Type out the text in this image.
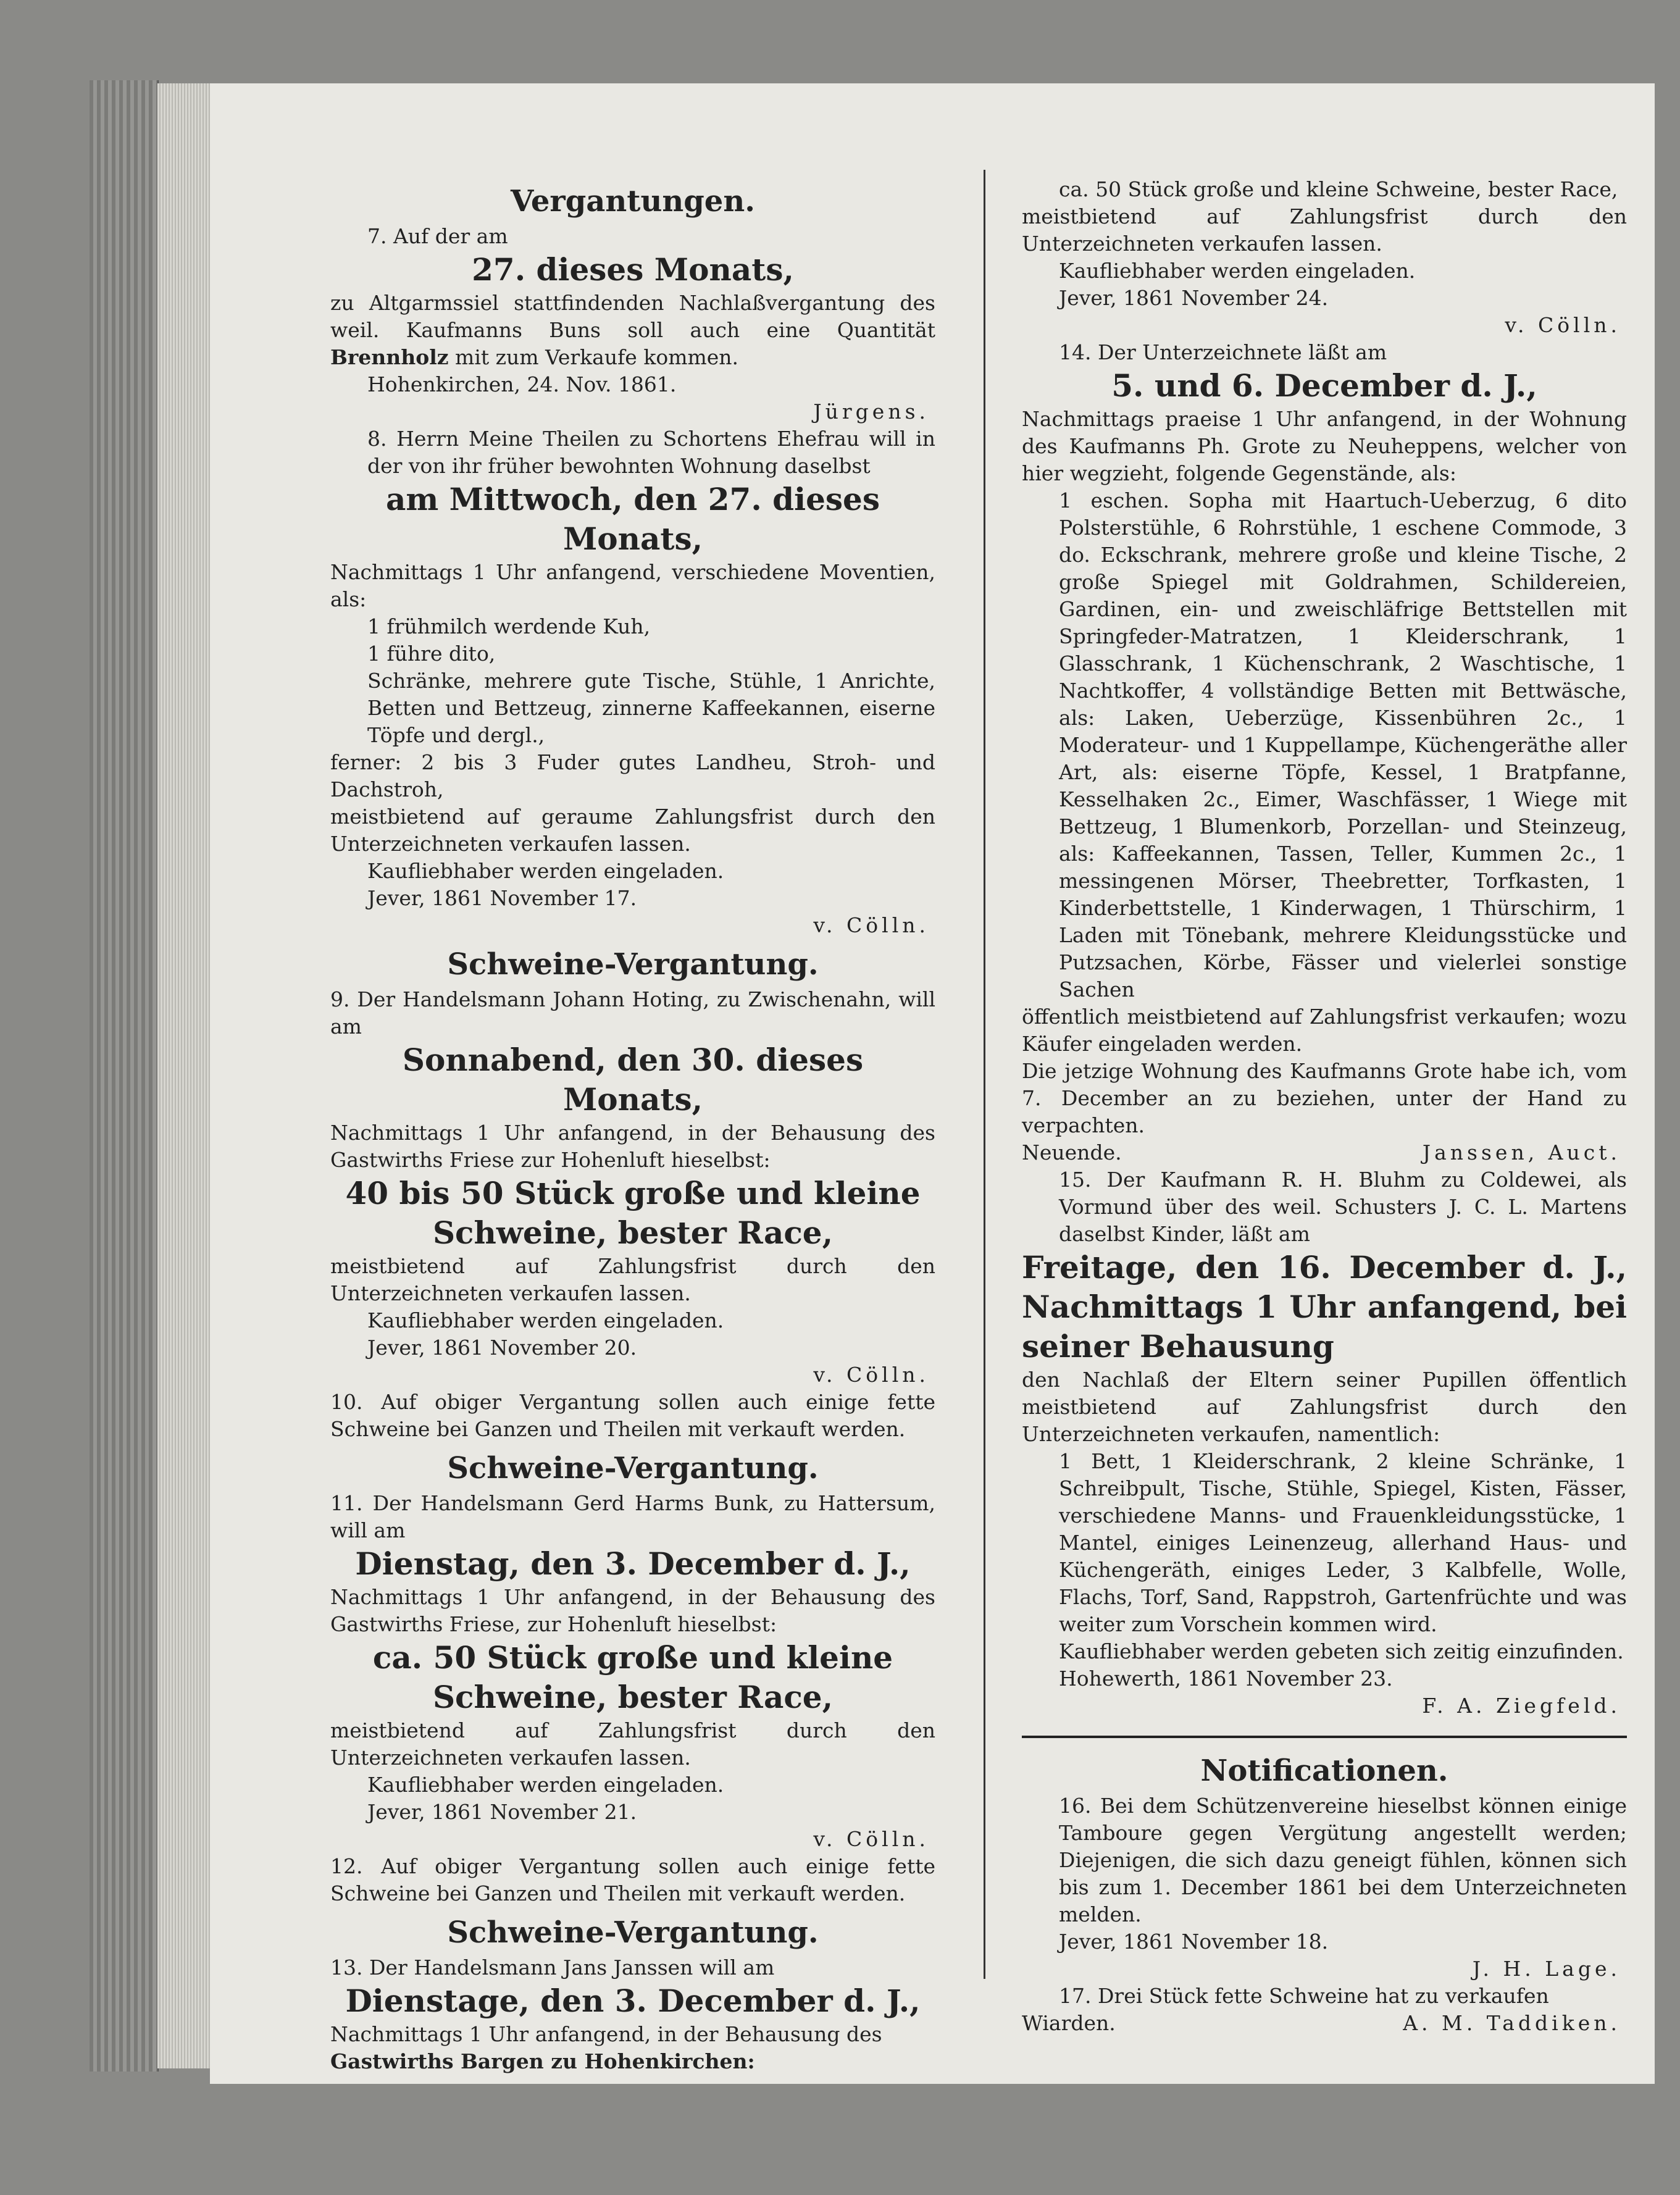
Vergantungen.

7. Auf der am

27. dieses Monats,

zu Altgarmssiel stattfindenden Nachlaßvergantung des weil. Kaufmanns Buns soll auch eine Quantität Brennholz mit zum Verkaufe kommen.

Hohenkirchen, 24. Nov. 1861.

Jürgens.

8. Herrn Meine Theilen zu Schortens Ehefrau will in der von ihr früher bewohnten Wohnung daselbst

am Mittwoch, den 27. dieses Monats,

Nachmittags 1 Uhr anfangend, verschiedene Moventien, als:

1 frühmilch werdende Kuh,

1 führe dito,

Schränke, mehrere gute Tische, Stühle, 1 Anrichte, Betten und Bettzeug, zinnerne Kaffeekannen, eiserne Töpfe und dergl.,

ferner: 2 bis 3 Fuder gutes Landheu, Stroh- und Dachstroh,

meistbietend auf geraume Zahlungsfrist durch den Unterzeichneten verkaufen lassen.

Kaufliebhaber werden eingeladen.

Jever, 1861 November 17.

v. Cölln.
Schweine-Vergantung.

9. Der Handelsmann Johann Hoting, zu Zwischenahn, will am

Sonnabend, den 30. dieses Monats,

Nachmittags 1 Uhr anfangend, in der Behausung des Gastwirths Friese zur Hohenluft hieselbst:

40 bis 50 Stück große und kleine Schweine, bester Race,

meistbietend auf Zahlungsfrist durch den Unterzeichneten verkaufen lassen.

Kaufliebhaber werden eingeladen.

Jever, 1861 November 20.

v. Cölln.

10. Auf obiger Vergantung sollen auch einige fette Schweine bei Ganzen und Theilen mit verkauft werden.

Schweine-Vergantung.

11. Der Handelsmann Gerd Harms Bunk, zu Hattersum, will am

Dienstag, den 3. December d. J.,

Nachmittags 1 Uhr anfangend, in der Behausung des Gastwirths Friese, zur Hohenluft hieselbst:

ca. 50 Stück große und kleine Schweine, bester Race,

meistbietend auf Zahlungsfrist durch den Unterzeichneten verkaufen lassen.

Kaufliebhaber werden eingeladen.

Jever, 1861 November 21.

v. Cölln.

12. Auf obiger Vergantung sollen auch einige fette Schweine bei Ganzen und Theilen mit verkauft werden.

Schweine-Vergantung.

13. Der Handelsmann Jans Janssen will am

Dienstage, den 3. December d. J.,

Nachmittags 1 Uhr anfangend, in der Behausung des

Gastwirths Bargen zu Hohenkirchen:

ca. 50 Stück große und kleine Schweine, bester Race,

meistbietend auf Zahlungsfrist durch den Unterzeichneten verkaufen lassen.

Kaufliebhaber werden eingeladen.

Jever, 1861 November 24.

v. Cölln.

14. Der Unterzeichnete läßt am

5. und 6. December d. J.,

Nachmittags praeise 1 Uhr anfangend, in der Wohnung des Kaufmanns Ph. Grote zu Neuheppens, welcher von hier wegzieht, folgende Gegenstände, als:

1 eschen. Sopha mit Haartuch-Ueberzug, 6 dito Polsterstühle, 6 Rohrstühle, 1 eschene Commode, 3 do. Eckschrank, mehrere große und kleine Tische, 2 große Spiegel mit Goldrahmen, Schildereien, Gardinen, ein- und zweischläfrige Bettstellen mit Springfeder-Matratzen, 1 Kleiderschrank, 1 Glasschrank, 1 Küchenschrank, 2 Waschtische, 1 Nachtkoffer, 4 vollständige Betten mit Bettwäsche, als: Laken, Ueberzüge, Kissenbühren 2c., 1 Moderateur- und 1 Kuppellampe, Küchengeräthe aller Art, als: eiserne Töpfe, Kessel, 1 Bratpfanne, Kesselhaken 2c., Eimer, Waschfässer, 1 Wiege mit Bettzeug, 1 Blumenkorb, Porzellan- und Steinzeug, als: Kaffeekannen, Tassen, Teller, Kummen 2c., 1 messingenen Mörser, Theebretter, Torfkasten, 1 Kinderbettstelle, 1 Kinderwagen, 1 Thürschirm, 1 Laden mit Tönebank, mehrere Kleidungsstücke und Putzsachen, Körbe, Fässer und vielerlei sonstige Sachen

öffentlich meistbietend auf Zahlungsfrist verkaufen; wozu Käufer eingeladen werden.

Die jetzige Wohnung des Kaufmanns Grote habe ich, vom 7. December an zu beziehen, unter der Hand zu verpachten.

Neuende.	Janssen, Auct.

15. Der Kaufmann R. H. Bluhm zu Coldewei, als Vormund über des weil. Schusters J. C. L. Martens daselbst Kinder, läßt am

Freitage, den 16. December d. J., Nachmittags 1 Uhr anfangend, bei seiner Behausung

den Nachlaß der Eltern seiner Pupillen öffentlich meistbietend auf Zahlungsfrist durch den Unterzeichneten verkaufen, namentlich:

1 Bett, 1 Kleiderschrank, 2 kleine Schränke, 1 Schreibpult, Tische, Stühle, Spiegel, Kisten, Fässer, verschiedene Manns- und Frauenkleidungsstücke, 1 Mantel, einiges Leinenzeug, allerhand Haus- und Küchengeräth, einiges Leder, 3 Kalbfelle, Wolle, Flachs, Torf, Sand, Rappstroh, Gartenfrüchte und was weiter zum Vorschein kommen wird.

Kaufliebhaber werden gebeten sich zeitig einzufinden.

Hohewerth, 1861 November 23.

F. A. Ziegfeld.
Notificationen.

16. Bei dem Schützenvereine hieselbst können einige Tamboure gegen Vergütung angestellt werden; Diejenigen, die sich dazu geneigt fühlen, können sich bis zum 1. December 1861 bei dem Unterzeichneten melden.

Jever, 1861 November 18.

J. H. Lage.

17. Drei Stück fette Schweine hat zu verkaufen

Wiarden.	A. M. Taddiken.
